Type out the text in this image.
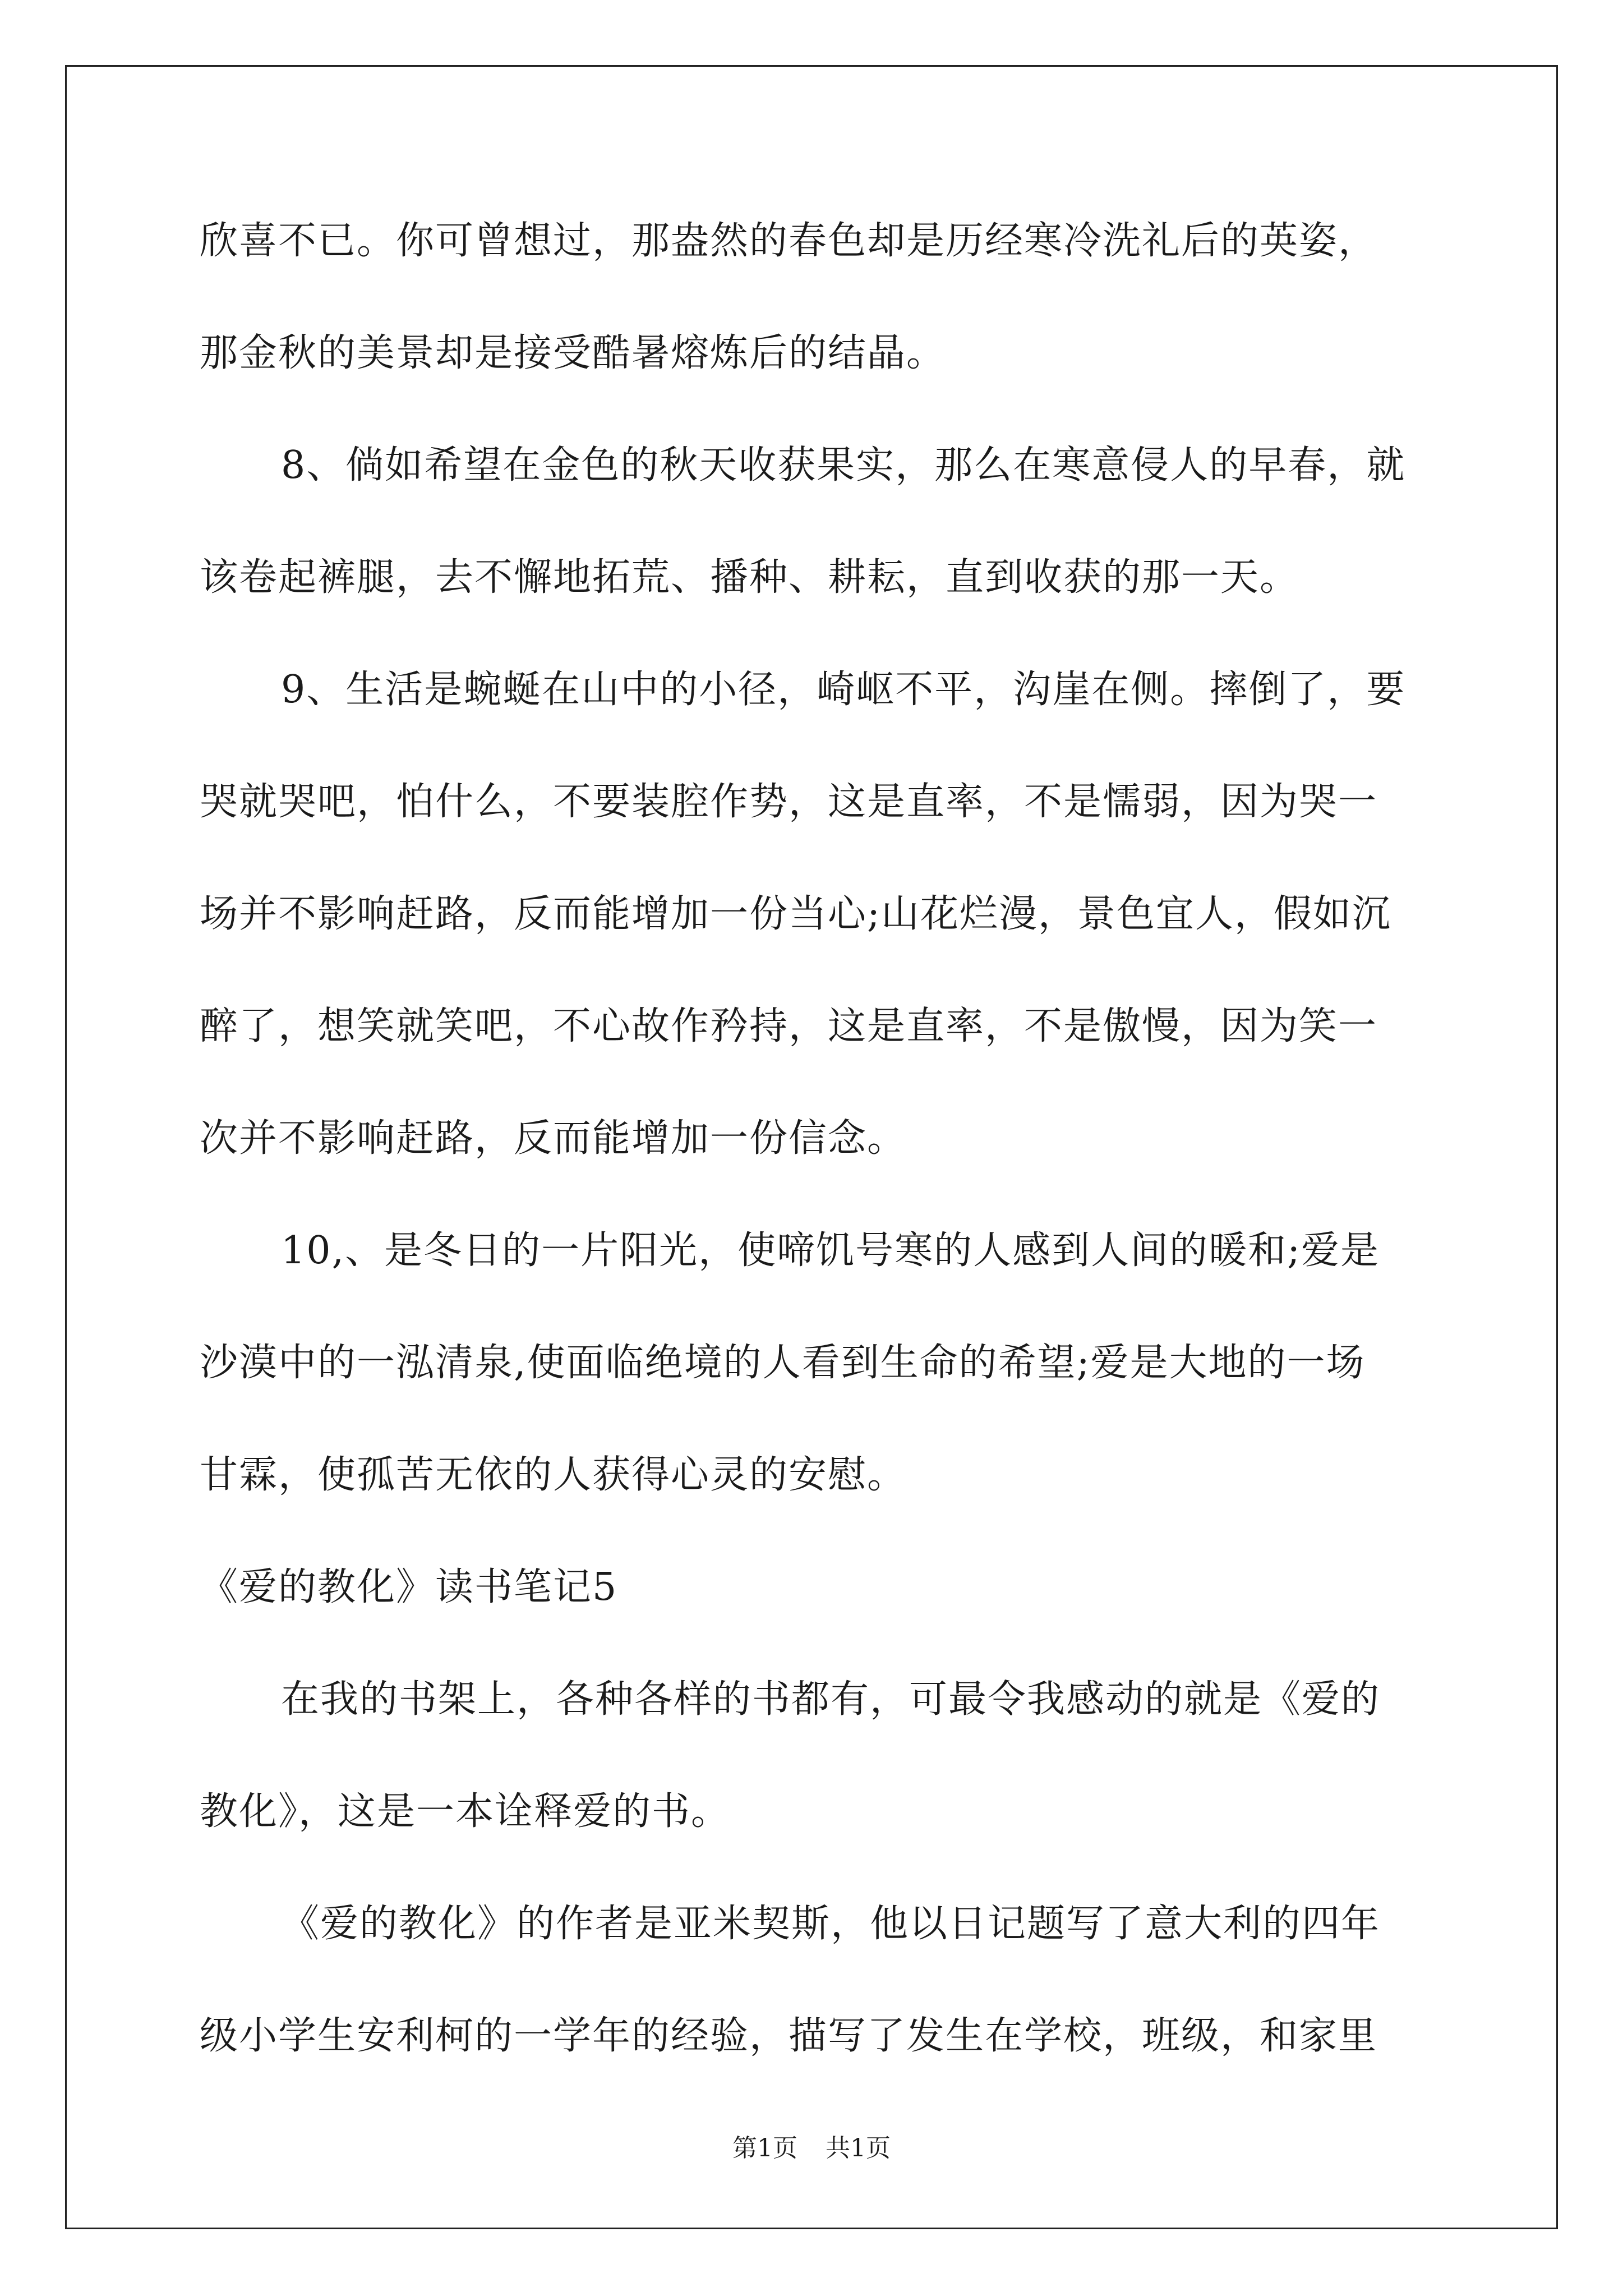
欣喜不已。你可曾想过，那盎然的春色却是历经寒冷洗礼后的英姿，
那金秋的美景却是接受酷暑熔炼后的结晶。
8、倘如希望在金色的秋天收获果实，那么在寒意侵人的早春，就
该卷起裤腿，去不懈地拓荒、播种、耕耘，直到收获的那一天。
9、生活是蜿蜒在山中的小径，崎岖不平，沟崖在侧。摔倒了，要
哭就哭吧，怕什么，不要装腔作势，这是直率，不是懦弱，因为哭一
场并不影响赶路，反而能增加一份当心;山花烂漫，景色宜人，假如沉
醉了，想笑就笑吧，不心故作矜持，这是直率，不是傲慢，因为笑一
次并不影响赶路，反而能增加一份信念。
10,、是冬日的一片阳光，使啼饥号寒的人感到人间的暖和;爱是
沙漠中的一泓清泉,使面临绝境的人看到生命的希望;爱是大地的一场
甘霖，使孤苦无依的人获得心灵的安慰。
《爱的教化》读书笔记5
在我的书架上，各种各样的书都有，可最令我感动的就是《爱的
教化》，这是一本诠释爱的书。
《爱的教化》的作者是亚米契斯，他以日记题写了意大利的四年
级小学生安利柯的一学年的经验，描写了发生在学校，班级，和家里
第1页 共1页
